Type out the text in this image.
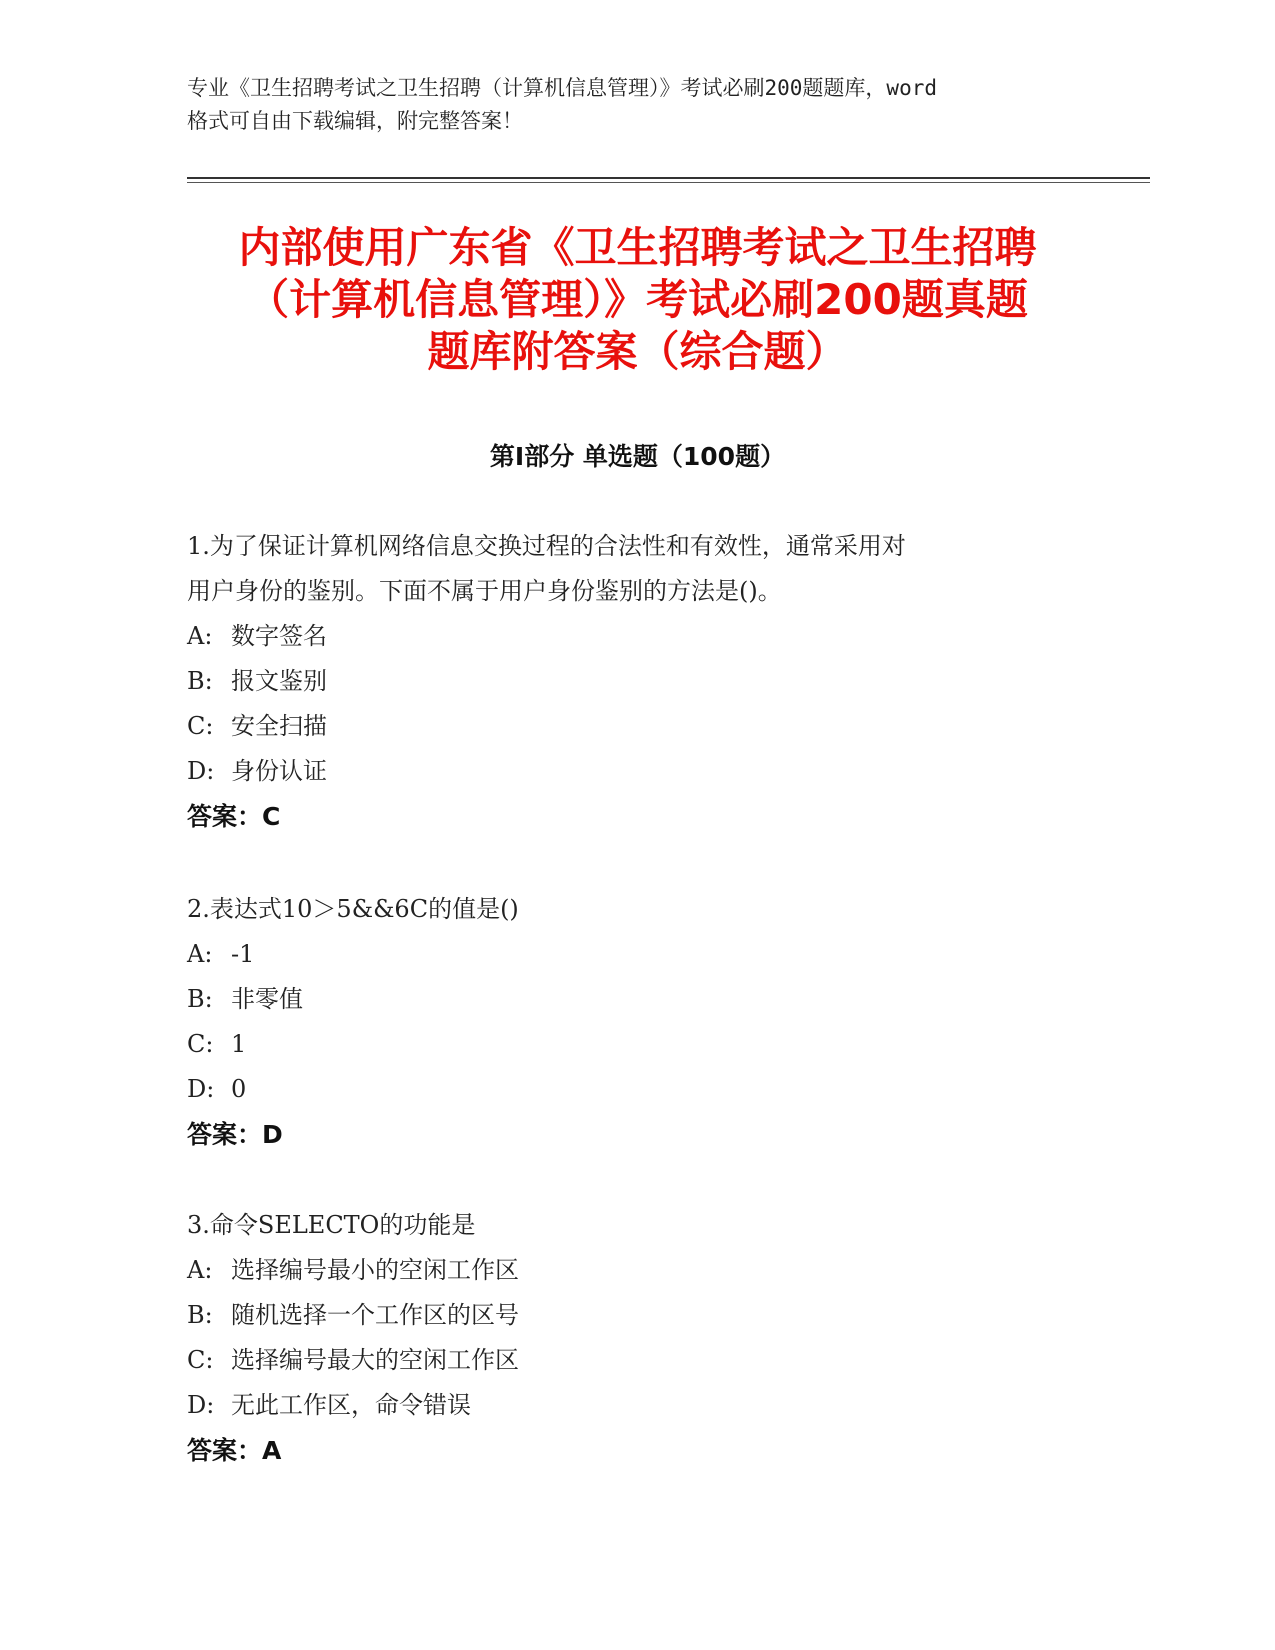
专业《卫生招聘考试之卫生招聘（计算机信息管理）》考试必刷200题题库，word
格式可自由下载编辑，附完整答案！
内部使用广东省《卫生招聘考试之卫生招聘
（计算机信息管理）》考试必刷200题真题
题库附答案（综合题）
第Ⅰ部分 单选题（100题）
1.为了保证计算机网络信息交换过程的合法性和有效性，通常采用对
用户身份的鉴别。下面不属于用户身份鉴别的方法是()。
A: 数字签名
B: 报文鉴别
C: 安全扫描
D: 身份认证
答案：C
2.表达式10＞5&&6C的值是()
A: -1
B: 非零值
C: 1
D: 0
答案：D
3.命令SELECTO的功能是
A: 选择编号最小的空闲工作区
B: 随机选择一个工作区的区号
C: 选择编号最大的空闲工作区
D: 无此工作区，命令错误
答案：A
